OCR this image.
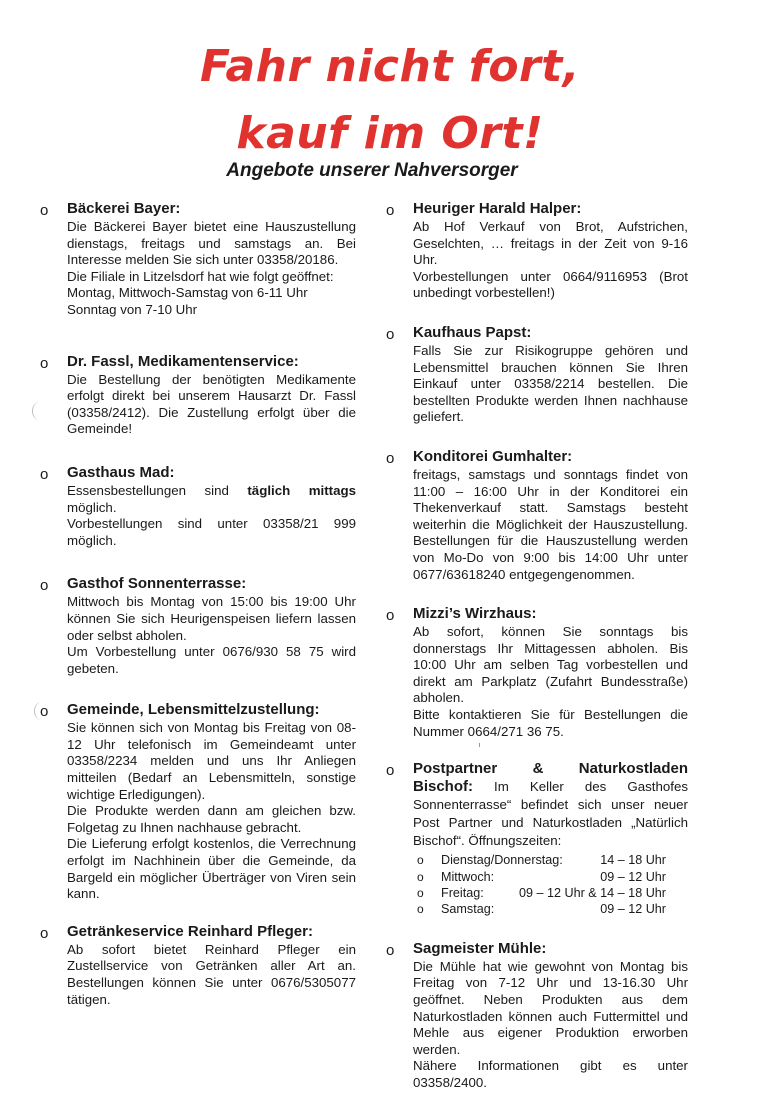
Fahr nicht fort,
kauf im Ort!
Angebote unserer Nahversorger
o Bäckerei Bayer:

Die Bäckerei Bayer bietet eine Hauszustellung dienstags, freitags und samstags an. Bei Interesse melden Sie sich unter 03358/20186.

Die Filiale in Litzelsdorf hat wie folgt geöffnet:

Montag, Mittwoch-Samstag von 6-11 Uhr

Sonntag von 7-10 Uhr

o Dr. Fassl, Medikamentenservice:

Die Bestellung der benötigten Medikamente erfolgt direkt bei unserem Hausarzt Dr. Fassl (03358/2412). Die Zustellung erfolgt über die Gemeinde!

o Gasthaus Mad:

Essensbestellungen sind täglich mittags möglich.

Vorbestellungen sind unter 03358/21 999 möglich.

o Gasthof Sonnenterrasse:

Mittwoch bis Montag von 15:00 bis 19:00 Uhr können Sie sich Heurigenspeisen liefern lassen oder selbst abholen.

Um Vorbestellung unter 0676/930 58 75 wird gebeten.

o Gemeinde, Lebensmittelzustellung:

Sie können sich von Montag bis Freitag von 08-12 Uhr telefonisch im Gemeindeamt unter 03358/2234 melden und uns Ihr Anliegen mitteilen (Bedarf an Lebensmitteln, sonstige wichtige Erledigungen).

Die Produkte werden dann am gleichen bzw. Folgetag zu Ihnen nachhause gebracht.

Die Lieferung erfolgt kostenlos, die Verrechnung erfolgt im Nachhinein über die Gemeinde, da Bargeld ein möglicher Überträger von Viren sein kann.

o Getränkeservice Reinhard Pfleger:

Ab sofort bietet Reinhard Pfleger ein Zustellservice von Getränken aller Art an. Bestellungen können Sie unter 0676/5305077 tätigen.

o Heuriger Harald Halper:

Ab Hof Verkauf von Brot, Aufstrichen, Geselchten, … freitags in der Zeit von 9-16 Uhr.

Vorbestellungen unter 0664/9116953 (Brot unbedingt vorbestellen!)

o Kaufhaus Papst:

Falls Sie zur Risikogruppe gehören und Lebensmittel brauchen können Sie Ihren Einkauf unter 03358/2214 bestellen. Die bestellten Produkte werden Ihnen nachhause geliefert.

o Konditorei Gumhalter:

freitags, samstags und sonntags findet von 11:00 – 16:00 Uhr in der Konditorei ein Thekenverkauf statt. Samstags besteht weiterhin die Möglichkeit der Hauszustellung. Bestellungen für die Hauszustellung werden von Mo-Do von 9:00 bis 14:00 Uhr unter 0677/63618240 entgegengenommen.

o Mizzi’s Wirzhaus:

Ab sofort, können Sie sonntags bis donnerstags Ihr Mittagessen abholen. Bis 10:00 Uhr am selben Tag vorbestellen und direkt am Parkplatz (Zufahrt Bundesstraße) abholen.

Bitte kontaktieren Sie für Bestellungen die Nummer 0664/271 36 75.

o Postpartner & Naturkostladen Bischof: Im Keller des Gasthofes Sonnenterrasse“ befindet sich unser neuer Post Partner und Naturkostladen „Natürlich Bischof“. Öffnungszeiten:

o Dienstag/Donnerstag:	14 – 18 Uhr
o Mittwoch:	09 – 12 Uhr
o Freitag:	09 – 12 Uhr & 14 – 18 Uhr
o Samstag:	09 – 12 Uhr
o Sagmeister Mühle:

Die Mühle hat wie gewohnt von Montag bis Freitag von 7-12 Uhr und 13-16.30 Uhr geöffnet. Neben Produkten aus dem Naturkostladen können auch Futtermittel und Mehle aus eigener Produktion erworben werden.

Nähere Informationen gibt es unter 03358/2400.
